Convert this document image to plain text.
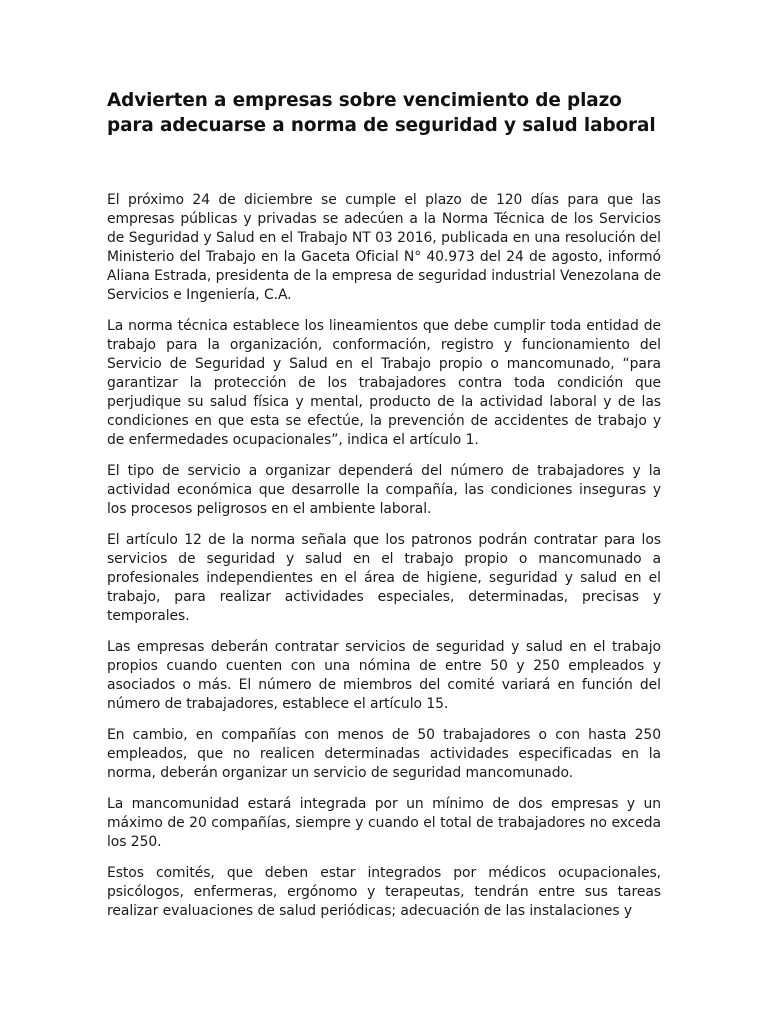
Advierten a empresas sobre vencimiento de plazo para adecuarse a norma de seguridad y salud laboral

El próximo 24 de diciembre se cumple el plazo de 120 días para que las empresas públicas y privadas se adecúen a la Norma Técnica de los Servicios de Seguridad y Salud en el Trabajo NT 03 2016, publicada en una resolución del Ministerio del Trabajo en la Gaceta Oficial N° 40.973 del 24 de agosto, informó Aliana Estrada, presidenta de la empresa de seguridad industrial Venezolana de Servicios e Ingeniería, C.A.

La norma técnica establece los lineamientos que debe cumplir toda entidad de trabajo para la organización, conformación, registro y funcionamiento del Servicio de Seguridad y Salud en el Trabajo propio o mancomunado, “para garantizar la protección de los trabajadores contra toda condición que perjudique su salud física y mental, producto de la actividad laboral y de las condiciones en que esta se efectúe, la prevención de accidentes de trabajo y de enfermedades ocupacionales”, indica el artículo 1.

El tipo de servicio a organizar dependerá del número de trabajadores y la actividad económica que desarrolle la compañía, las condiciones inseguras y los procesos peligrosos en el ambiente laboral.

El artículo 12 de la norma señala que los patronos podrán contratar para los servicios de seguridad y salud en el trabajo propio o mancomunado a profesionales independientes en el área de higiene, seguridad y salud en el trabajo, para realizar actividades especiales, determinadas, precisas y temporales.

Las empresas deberán contratar servicios de seguridad y salud en el trabajo propios cuando cuenten con una nómina de entre 50 y 250 empleados y asociados o más. El número de miembros del comité variará en función del número de trabajadores, establece el artículo 15.

En cambio, en compañías con menos de 50 trabajadores o con hasta 250 empleados, que no realicen determinadas actividades especificadas en la norma, deberán organizar un servicio de seguridad mancomunado.

La mancomunidad estará integrada por un mínimo de dos empresas y un máximo de 20 compañías, siempre y cuando el total de trabajadores no exceda los 250.

Estos comités, que deben estar integrados por médicos ocupacionales, psicólogos, enfermeras, ergónomo y terapeutas, tendrán entre sus tareas realizar evaluaciones de salud periódicas; adecuación de las instalaciones y
